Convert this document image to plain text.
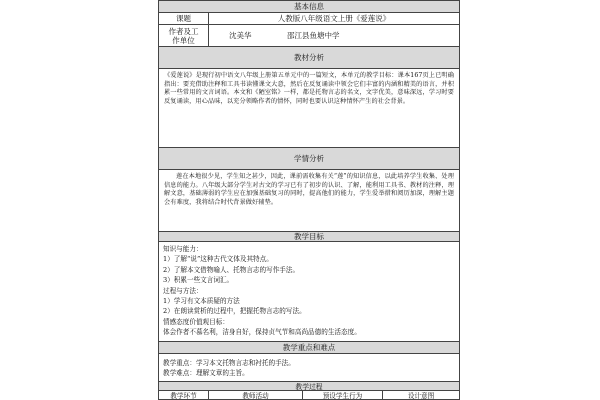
基本信息
课题	人教版八年级语文上册《爱莲说》
作者及工作单位	沈美华	邵江县鱼塘中学
教材分析
《爱莲说》是现行初中语文八年级上册第五单元中的一篇短文，本单元的教学目标：课本167页上已明确指出：要充借助注释和工具书读懂课文大意，然后在反复诵读中领会它们丰富的内涵和精美的语言，并积累一些常用的文言词语。本文和《陋室铭》一样，都是托物言志的名文，文字优美，意味深远，学习时要反复诵读，用心品味，以充分领略作者的情怀，同时也要认识这种情怀产生的社会背景。
学情分析
莲在本地很少见，学生知之甚少，因此，课前需收集有关“莲”的知识信息，以此培养学生收集、处理信息的能力。八年级大部分学生对古文的学习已有了初步的认识、了解，能利用工具书、教材的注释，理解文意，基础薄弱的学生应在加强基础复习的同时，提高他们的能力，学生爱举措和阅历加深，理解主题会有难度，我将结合时代背景做好辅垫。
教学目标
知识与能力：
1）了解“说”这种古代文体及其特点。
2）了解本文借物喻人、托物言志的写作手法。
3）积累一些文言词汇。
过程与方法：
1）学习有文本质疑的方法
2）在朗读赏析的过程中，把握托物言志的写法。
情感态度价值观目标：
体会作者不慕名利，洁身自好，保持贞气节和高尚品德的生活态度。
教学重点和难点
教学重点：学习本文托物言志和衬托的手法。
教学难点：理解文章的主旨。
教学过程
教学环节	教师活动	预设学生行为	设计意图
